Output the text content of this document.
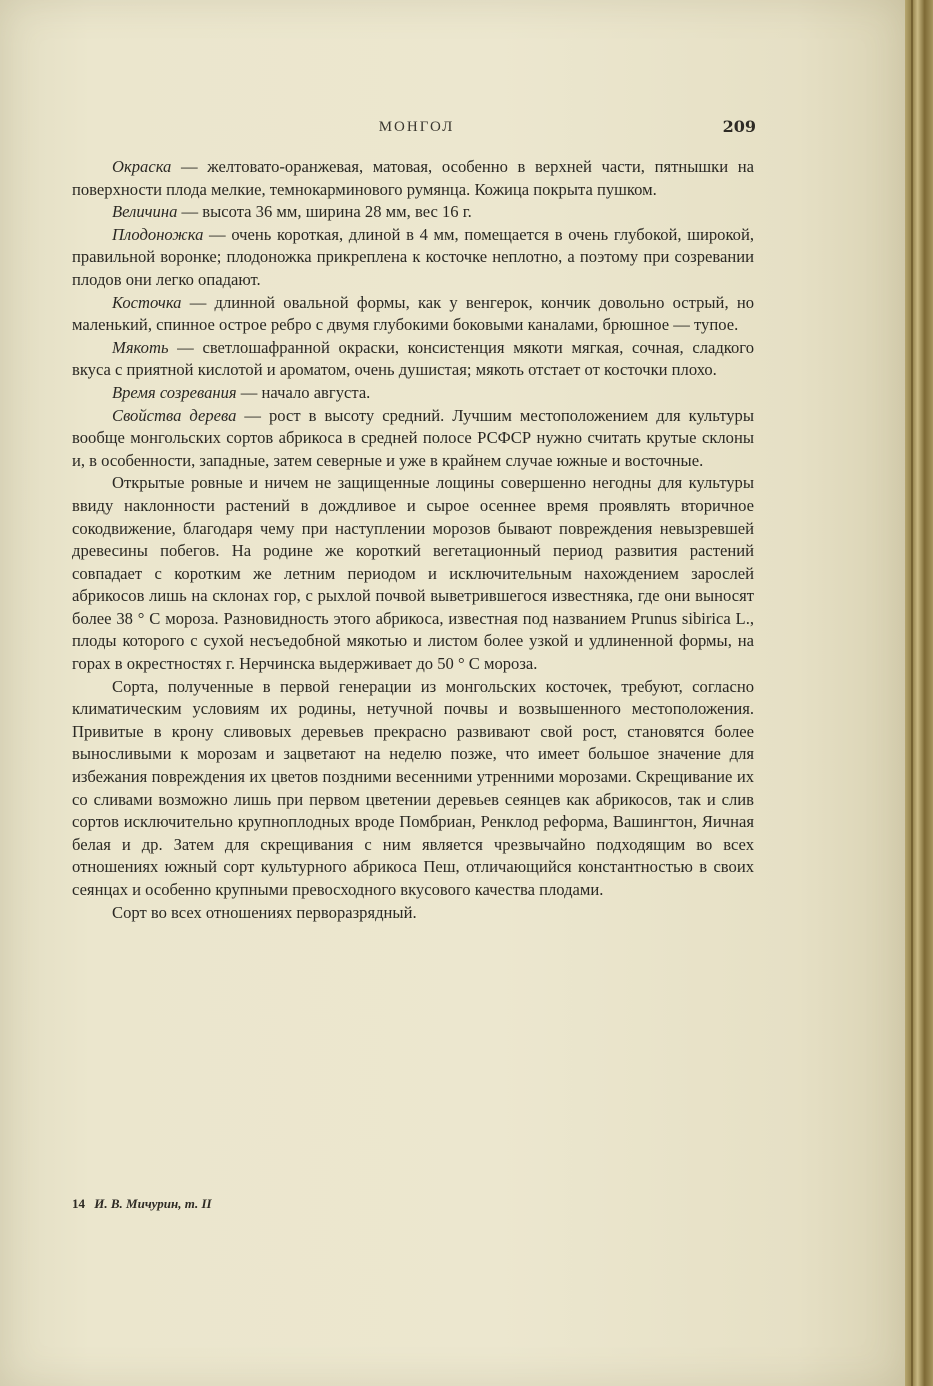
МОНГОЛ	209

Окраска — желтовато-оранжевая, матовая, особенно в верхней части, пятнышки на поверхности плода мелкие, темнокарминового румянца. Кожица покрыта пушком.

Величина — высота 36 мм, ширина 28 мм, вес 16 г.

Плодоножка — очень короткая, длиной в 4 мм, помещается в очень глубокой, широкой, правильной воронке; плодоножка прикреплена к косточке неплотно, а поэтому при созревании плодов они легко опадают.

Косточка — длинной овальной формы, как у венгерок, кончик довольно острый, но маленький, спинное острое ребро с двумя глубокими боковыми каналами, брюшное — тупое.

Мякоть — светлошафранной окраски, консистенция мякоти мягкая, сочная, сладкого вкуса с приятной кислотой и ароматом, очень душистая; мякоть отстает от косточки плохо.

Время созревания — начало августа.

Свойства дерева — рост в высоту средний. Лучшим местоположением для культуры вообще монгольских сортов абрикоса в средней полосе РСФСР нужно считать крутые склоны и, в особенности, западные, затем северные и уже в крайнем случае южные и восточные.

Открытые ровные и ничем не защищенные лощины совершенно негодны для культуры ввиду наклонности растений в дождливое и сырое осеннее время проявлять вторичное сокодвижение, благодаря чему при наступлении морозов бывают повреждения невызревшей древесины побегов. На родине же короткий вегетационный период развития растений совпадает с коротким же летним периодом и исключительным нахождением зарослей абрикосов лишь на склонах гор, с рыхлой почвой выветрившегося известняка, где они выносят более 38 ° C мороза. Разновидность этого абрикоса, известная под названием Prunus sibirica L., плоды которого с сухой несъедобной мякотью и листом более узкой и удлиненной формы, на горах в окрестностях г. Нерчинска выдерживает до 50 ° C мороза.

Сорта, полученные в первой генерации из монгольских косточек, требуют, согласно климатическим условиям их родины, нетучной почвы и возвышенного местоположения. Привитые в крону сливовых деревьев прекрасно развивают свой рост, становятся более выносливыми к морозам и зацветают на неделю позже, что имеет большое значение для избежания повреждения их цветов поздними весенними утренними морозами. Скрещивание их со сливами возможно лишь при первом цветении деревьев сеянцев как абрикосов, так и слив сортов исключительно крупноплодных вроде Помбриан, Ренклод реформа, Вашингтон, Яичная белая и др. Затем для скрещивания с ним является чрезвычайно подходящим во всех отношениях южный сорт культурного абрикоса Пеш, отличающийся константностью в своих сеянцах и особенно крупными превосходного вкусового качества плодами.

Сорт во всех отношениях перворазрядный.

14 И. В. Мичурин, т. II
